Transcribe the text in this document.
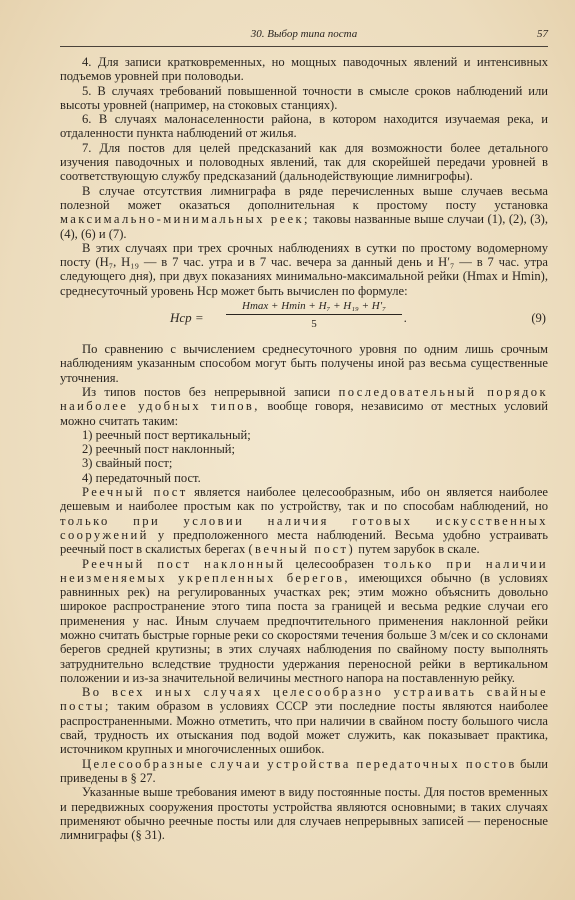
30. Выбор типа поста	57

4. Для записи кратковременных, но мощных паводочных явлений и интенсивных подъемов уровней при половодьи.

5. В случаях требований повышенной точности в смысле сроков наблюдений или высоты уровней (например, на стоковых станциях).

6. В случаях малонаселенности района, в котором находится изучаемая река, и отдаленности пункта наблюдений от жилья.

7. Для постов для целей предсказаний как для возможности более детального изучения паводочных и половодных явлений, так для скорейшей передачи уровней в соответствующую службу предсказаний (дальнодействующие лимнигрофы).

В случае отсутствия лимниграфа в ряде перечисленных выше случаев весьма полезной может оказаться дополнительная к простому посту установка максимально-минимальных реек; таковы названные выше случаи (1), (2), (3), (4), (6) и (7).

В этих случаях при трех срочных наблюдениях в сутки по простому водомерному посту (H₇, H₁₉ — в 7 час. утра и в 7 час. вечера за данный день и H′₇ — в 7 час. утра следующего дня), при двух показаниях минимально-максимальной рейки (Hmax и Hmin), среднесуточный уровень Hср может быть вычислен по формуле:

Hср =
Hmax + Hmin + H₇ + H₁₉ + H′₇
5	.	(9)

По сравнению с вычислением среднесуточного уровня по одним лишь срочным наблюдениям указанным способом могут быть получены иной раз весьма существенные уточнения.

Из типов постов без непрерывной записи последовательный порядок наиболее удобных типов, вообще говоря, независимо от местных условий можно считать таким:

1) реечный пост вертикальный;

2) реечный пост наклонный;

3) свайный пост;

4) передаточный пост.

Реечный пост является наиболее целесообразным, ибо он является наиболее дешевым и наиболее простым как по устройству, так и по способам наблюдений, но только при условии наличия готовых искусственных сооружений у предположенного места наблюдений. Весьма удобно устраивать реечный пост в скалистых берегах (вечный пост) путем зарубок в скале.

Реечный пост наклонный целесообразен только при наличии неизменяемых укрепленных берегов, имеющихся обычно (в условиях равнинных рек) на регулированных участках рек; этим можно объяснить довольно широкое распространение этого типа поста за границей и весьма редкие случаи его применения у нас. Иным случаем предпочтительного применения наклонной рейки можно считать быстрые горные реки со скоростями течения больше 3 м/сек и со склонами берегов средней крутизны; в этих случаях наблюдения по свайному посту выполнять затруднительно вследствие трудности удержания переносной рейки в вертикальном положении и из-за значительной величины местного напора на поставленную рейку.

Во всех иных случаях целесообразно устраивать свайные посты; таким образом в условиях СССР эти последние посты являются наиболее распространенными. Можно отметить, что при наличии в свайном посту большого числа свай, трудность их отыскания под водой может служить, как показывает практика, источником крупных и многочисленных ошибок.

Целесообразные случаи устройства передаточных постов были приведены в § 27.

Указанные выше требования имеют в виду постоянные посты. Для постов временных и передвижных сооружения простоты устройства являются основными; в таких случаях применяют обычно реечные посты или для случаев непрерывных записей — переносные лимниграфы (§ 31).
